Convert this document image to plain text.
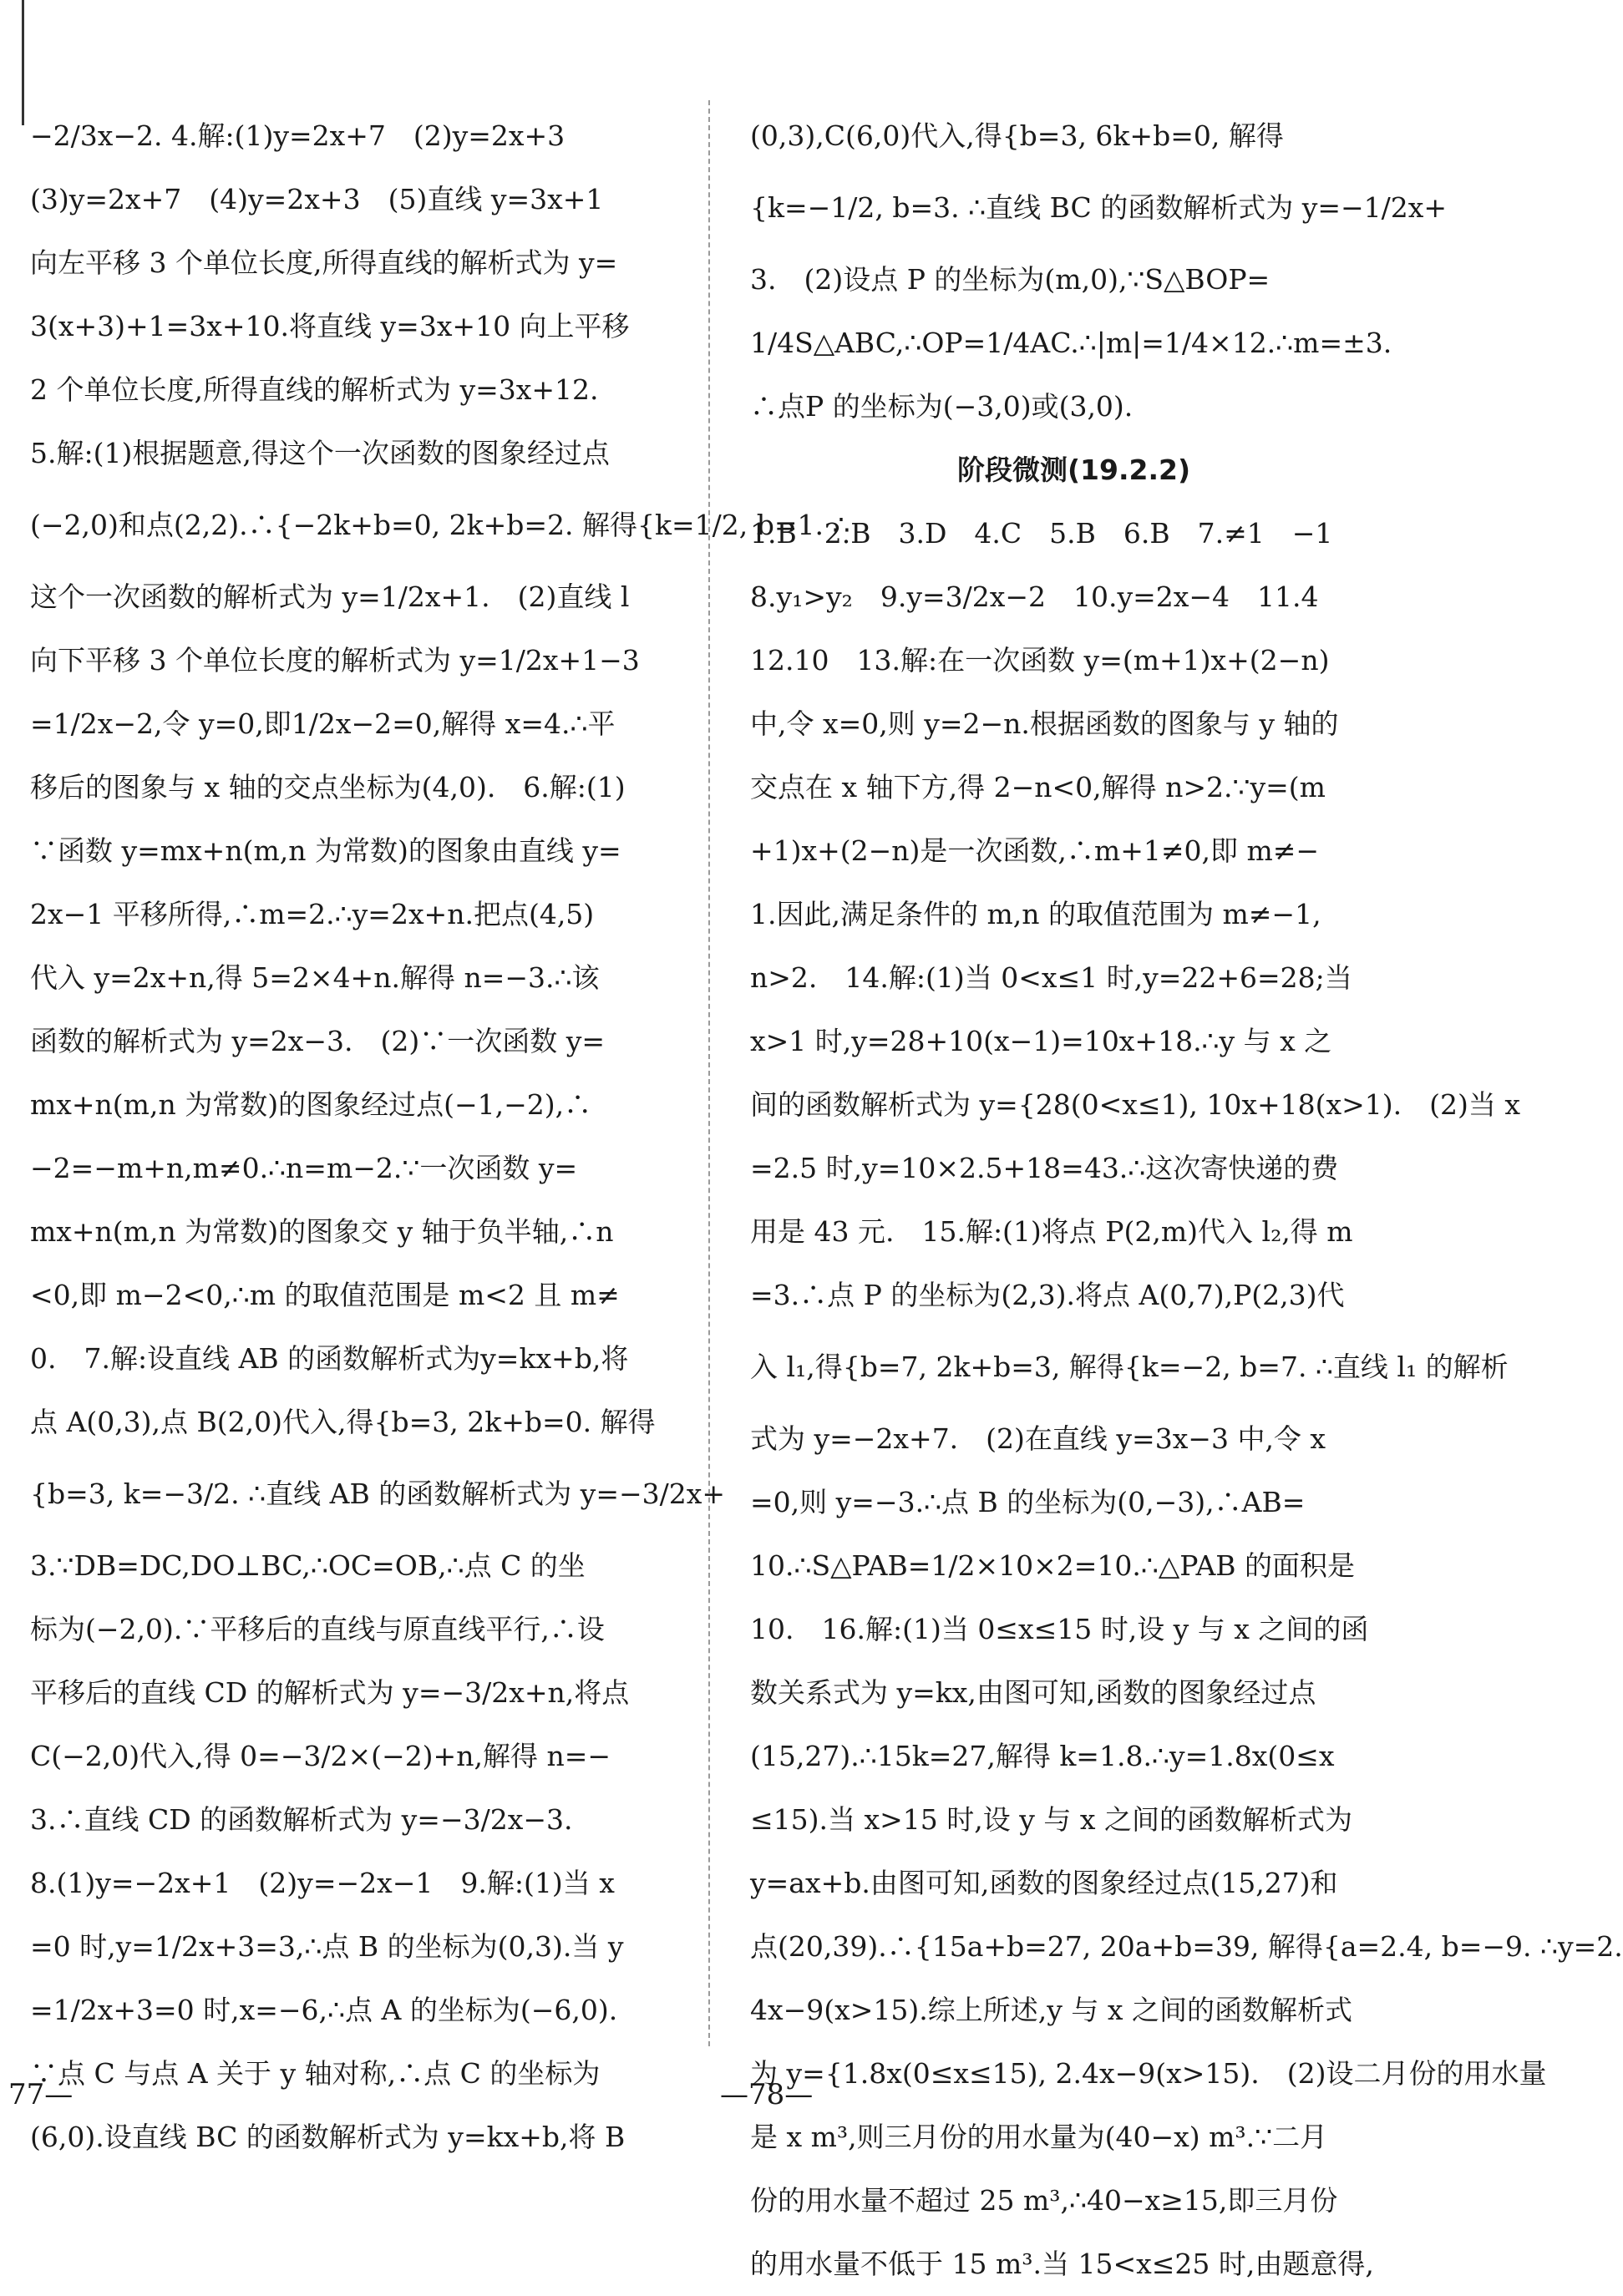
−2/3x−2. 4.解:(1)y=2x+7　(2)y=2x+3
(3)y=2x+7　(4)y=2x+3　(5)直线 y=3x+1
向左平移 3 个单位长度,所得直线的解析式为 y=
3(x+3)+1=3x+10.将直线 y=3x+10 向上平移
2 个单位长度,所得直线的解析式为 y=3x+12.
5.解:(1)根据题意,得这个一次函数的图象经过点
(−2,0)和点(2,2).∴{−2k+b=0, 2k+b=2. 解得{k=1/2, b=1. ∴
这个一次函数的解析式为 y=1/2x+1.　(2)直线 l
向下平移 3 个单位长度的解析式为 y=1/2x+1−3
=1/2x−2,令 y=0,即1/2x−2=0,解得 x=4.∴平
移后的图象与 x 轴的交点坐标为(4,0).　6.解:(1)
∵函数 y=mx+n(m,n 为常数)的图象由直线 y=
2x−1 平移所得,∴m=2.∴y=2x+n.把点(4,5)
代入 y=2x+n,得 5=2×4+n.解得 n=−3.∴该
函数的解析式为 y=2x−3.　(2)∵一次函数 y=
mx+n(m,n 为常数)的图象经过点(−1,−2),∴
−2=−m+n,m≠0.∴n=m−2.∵一次函数 y=
mx+n(m,n 为常数)的图象交 y 轴于负半轴,∴n
<0,即 m−2<0,∴m 的取值范围是 m<2 且 m≠
0.　7.解:设直线 AB 的函数解析式为y=kx+b,将
点 A(0,3),点 B(2,0)代入,得{b=3, 2k+b=0. 解得
{b=3, k=−3/2. ∴直线 AB 的函数解析式为 y=−3/2x+
3.∵DB=DC,DO⊥BC,∴OC=OB,∴点 C 的坐
标为(−2,0).∵平移后的直线与原直线平行,∴设
平移后的直线 CD 的解析式为 y=−3/2x+n,将点
C(−2,0)代入,得 0=−3/2×(−2)+n,解得 n=−
3.∴直线 CD 的函数解析式为 y=−3/2x−3.
8.(1)y=−2x+1　(2)y=−2x−1　9.解:(1)当 x
=0 时,y=1/2x+3=3,∴点 B 的坐标为(0,3).当 y
=1/2x+3=0 时,x=−6,∴点 A 的坐标为(−6,0).
∵点 C 与点 A 关于 y 轴对称,∴点 C 的坐标为
(6,0).设直线 BC 的函数解析式为 y=kx+b,将 B
(0,3),C(6,0)代入,得{b=3, 6k+b=0, 解得
{k=−1/2, b=3. ∴直线 BC 的函数解析式为 y=−1/2x+
3.　(2)设点 P 的坐标为(m,0),∵S△BOP=
1/4S△ABC,∴OP=1/4AC.∴|m|=1/4×12.∴m=±3.
∴点P 的坐标为(−3,0)或(3,0).
阶段微测(19.2.2)
1.B　2.B　3.D　4.C　5.B　6.B　7.≠1　−1
8.y₁>y₂　9.y=3/2x−2　10.y=2x−4　11.4
12.10　13.解:在一次函数 y=(m+1)x+(2−n)
中,令 x=0,则 y=2−n.根据函数的图象与 y 轴的
交点在 x 轴下方,得 2−n<0,解得 n>2.∵y=(m
+1)x+(2−n)是一次函数,∴m+1≠0,即 m≠−
1.因此,满足条件的 m,n 的取值范围为 m≠−1,
n>2.　14.解:(1)当 0<x≤1 时,y=22+6=28;当
x>1 时,y=28+10(x−1)=10x+18.∴y 与 x 之
间的函数解析式为 y={28(0<x≤1), 10x+18(x>1).　(2)当 x
=2.5 时,y=10×2.5+18=43.∴这次寄快递的费
用是 43 元.　15.解:(1)将点 P(2,m)代入 l₂,得 m
=3.∴点 P 的坐标为(2,3).将点 A(0,7),P(2,3)代
入 l₁,得{b=7, 2k+b=3, 解得{k=−2, b=7. ∴直线 l₁ 的解析
式为 y=−2x+7.　(2)在直线 y=3x−3 中,令 x
=0,则 y=−3.∴点 B 的坐标为(0,−3),∴AB=
10.∴S△PAB=1/2×10×2=10.∴△PAB 的面积是
10.　16.解:(1)当 0≤x≤15 时,设 y 与 x 之间的函
数关系式为 y=kx,由图可知,函数的图象经过点
(15,27).∴15k=27,解得 k=1.8.∴y=1.8x(0≤x
≤15).当 x>15 时,设 y 与 x 之间的函数解析式为
y=ax+b.由图可知,函数的图象经过点(15,27)和
点(20,39).∴{15a+b=27, 20a+b=39, 解得{a=2.4, b=−9. ∴y=2.
4x−9(x>15).综上所述,y 与 x 之间的函数解析式
为 y={1.8x(0≤x≤15), 2.4x−9(x>15).　(2)设二月份的用水量
是 x m³,则三月份的用水量为(40−x) m³.∵二月
份的用水量不超过 25 m³,∴40−x≥15,即三月份
的用水量不低于 15 m³.当 15<x≤25 时,由题意得,
77—	—78—
